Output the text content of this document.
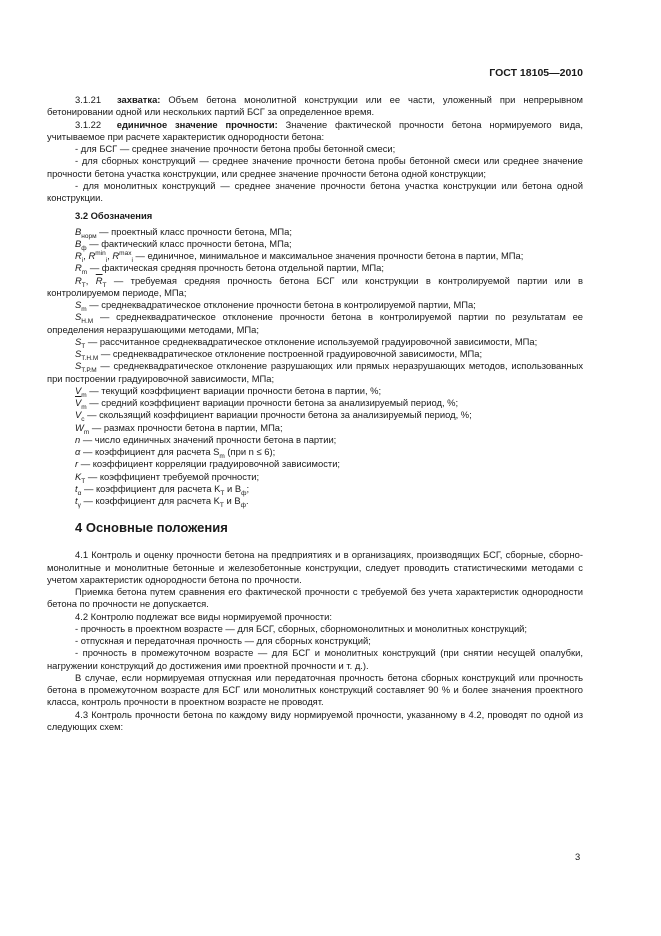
ГОСТ 18105—2010

3.1.21 захватка: Объем бетона монолитной конструкции или ее части, уложенный при непрерывном бетонировании одной или нескольких партий БСГ за определенное время.

3.1.22 единичное значение прочности: Значение фактической прочности бетона нормируемого вида, учитываемое при расчете характеристик однородности бетона:

- для БСГ — среднее значение прочности бетона пробы бетонной смеси;

- для сборных конструкций — среднее значение прочности бетона пробы бетонной смеси или среднее значение прочности бетона участка конструкции, или среднее значение прочности бетона одной конструкции;

- для монолитных конструкций — среднее значение прочности бетона участка конструкции или бетона одной конструкции.

3.2 Обозначения

$B_{норм}$ — проектный класс прочности бетона, МПа;

$B_ф$ — фактический класс прочности бетона, МПа;

$R_i$, $R^{min}_i$, $R^{max}_i$ — единичное, минимальное и максимальное значения прочности бетона в партии, МПа;

$R_m$ — фактическая средняя прочность бетона отдельной партии, МПа;

$R_Т$, $\overline{R}_Т$ — требуемая средняя прочность бетона БСГ или конструкции в контролируемой партии или в контролируемом периоде, МПа;

$S_m$ — среднеквадратическое отклонение прочности бетона в контролируемой партии, МПа;

$S_{Н.М}$ — среднеквадратическое отклонение прочности бетона в контролируемой партии по результатам ее определения неразрушающими методами, МПа;

$S_Т$ — рассчитанное среднеквадратическое отклонение используемой градуировочной зависимости, МПа;

$S_{Т.Н.М}$ — среднеквадратическое отклонение построенной градуировочной зависимости, МПа;

$S_{Т.Р.М}$ — среднеквадратическое отклонение разрушающих или прямых неразрушающих методов, использованных при построении градуировочной зависимости, МПа;

$V_m$ — текущий коэффициент вариации прочности бетона в партии, %;

$\overline{V}_m$ — средний коэффициент вариации прочности бетона за анализируемый период, %;

$V_c$ — скользящий коэффициент вариации прочности бетона за анализируемый период, %;

$W_m$ — размах прочности бетона в партии, МПа;

n — число единичных значений прочности бетона в партии;

α — коэффициент для расчета $S_m$ (при n ≤ 6);

r — коэффициент корреляции градуировочной зависимости;

$K_Т$ — коэффициент требуемой прочности;

$t_\alpha$ — коэффициент для расчета $K_Т$ и $B_ф$;

$t_\gamma$ — коэффициент для расчета $K_Т$ и $B_ф$.

4 Основные положения

4.1 Контроль и оценку прочности бетона на предприятиях и в организациях, производящих БСГ, сборные, сборно-монолитные и монолитные бетонные и железобетонные конструкции, следует проводить статистическими методами с учетом характеристик однородности бетона по прочности.

Приемка бетона путем сравнения его фактической прочности с требуемой без учета характеристик однородности бетона по прочности не допускается.

4.2 Контролю подлежат все виды нормируемой прочности:

- прочность в проектном возрасте — для БСГ, сборных, сборномонолитных и монолитных конструкций;

- отпускная и передаточная прочность — для сборных конструкций;

- прочность в промежуточном возрасте — для БСГ и монолитных конструкций (при снятии несущей опалубки, нагружении конструкций до достижения ими проектной прочности и т. д.).

В случае, если нормируемая отпускная или передаточная прочность бетона сборных конструкций или прочность бетона в промежуточном возрасте для БСГ или монолитных конструкций составляет 90 % и более значения проектного класса, контроль прочности в проектном возрасте не проводят.

4.3 Контроль прочности бетона по каждому виду нормируемой прочности, указанному в 4.2, проводят по одной из следующих схем:

3
